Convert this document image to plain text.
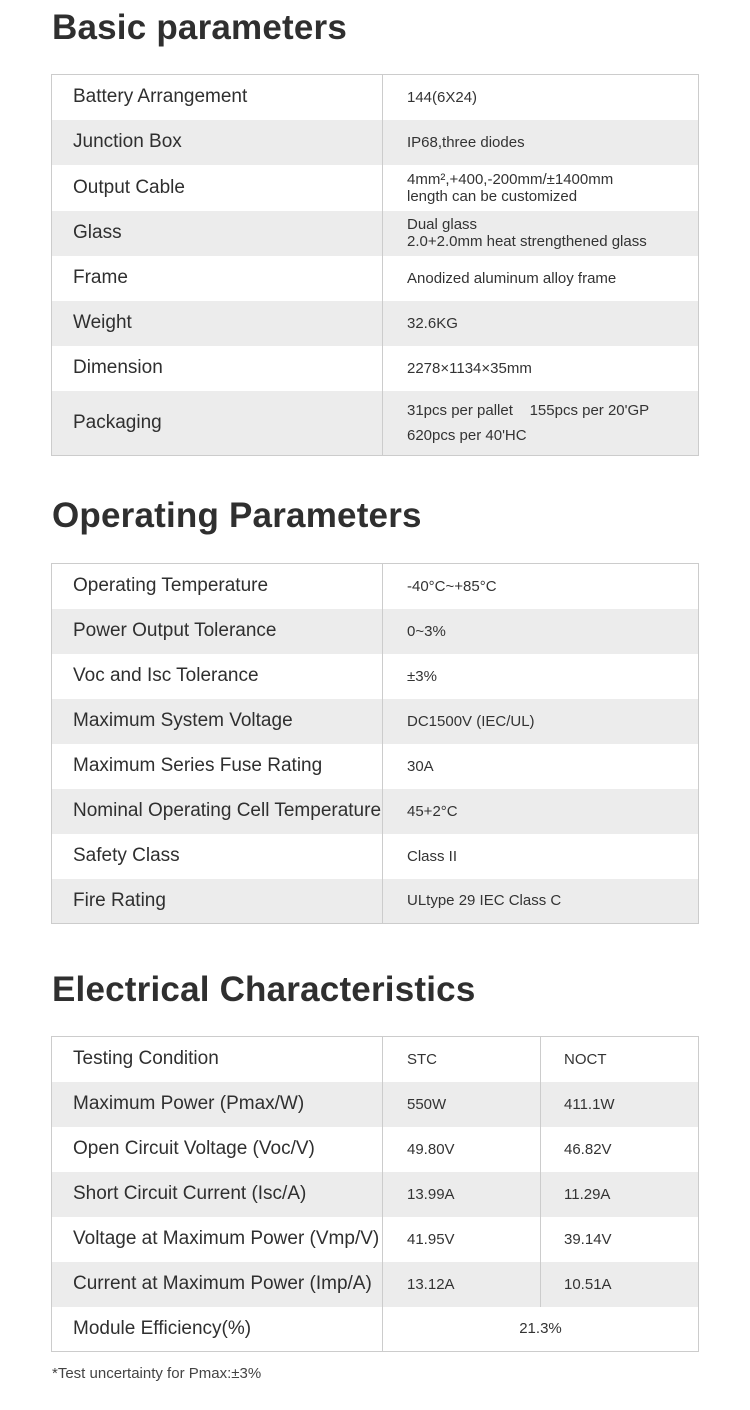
Basic parameters
Battery Arrangement	144(6X24)

Junction Box	IP68,three diodes

Output Cable	4mm²,+400,-200mm/±1400mm
length can be customized

Glass	Dual glass
2.0+2.0mm heat strengthened glass

Frame	Anodized aluminum alloy frame

Weight	32.6KG

Dimension	2278×1134×35mm

Packaging	31pcs per pallet    155pcs per 20'GP
620pcs per 40'HC
Operating Parameters
Operating Temperature	-40°C~+85°C
Power Output Tolerance	0~3%
Voc and Isc Tolerance	±3%
Maximum System Voltage	DC1500V (IEC/UL)
Maximum Series Fuse Rating	30A
Nominal Operating Cell Temperature	45+2°C
Safety Class	Class II
Fire Rating	ULtype 29 IEC Class C
Electrical Characteristics
Testing Condition	STC	NOCT
Maximum Power (Pmax/W)	550W	411.1W
Open Circuit Voltage (Voc/V)	49.80V	46.82V
Short Circuit Current (Isc/A)	13.99A	11.29A
Voltage at Maximum Power (Vmp/V)	41.95V	39.14V
Current at Maximum Power (Imp/A)	13.12A	10.51A
Module Efficiency(%)	21.3%	

*Test uncertainty for Pmax:±3%
